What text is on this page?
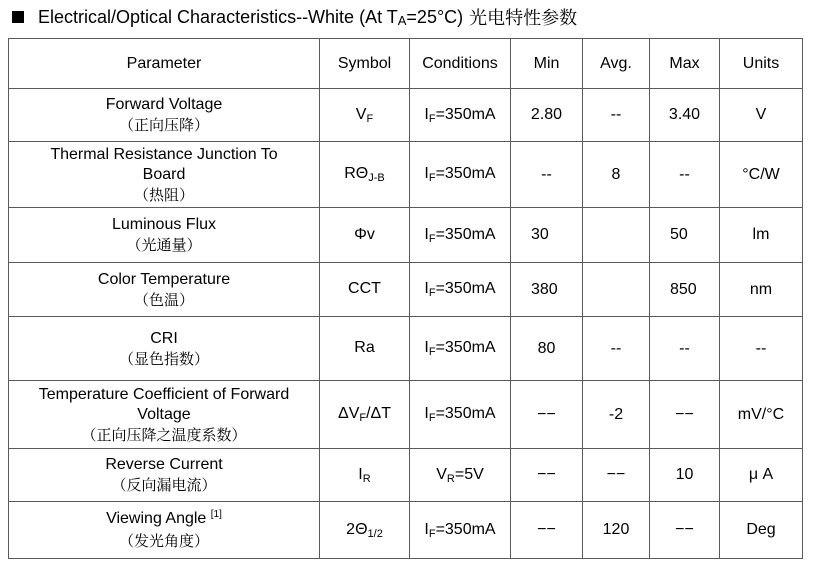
Electrical/Optical Characteristics--White (At TA=25°C) 光电特性参数
Parameter	Symbol	Conditions	Min	Avg.	Max	Units

Forward Voltage
（正向压降）	VF	IF=350mA	2.80	--	3.40	V

Thermal Resistance Junction To
Board
（热阻）	RΘJ-B	IF=350mA	--	8	--	°C/W

Luminous Flux
（光通量）	Φv	IF=350mA	30		50	lm

Color Temperature
（色温）	CCT	IF=350mA	380		850	nm

CRI
（显色指数）	Ra	IF=350mA	80	--	--	--

Temperature Coefficient of Forward
Voltage
（正向压降之温度系数）	ΔVF/ΔT	IF=350mA	−−	-2	−−	mV/°C

Reverse Current
（反向漏电流）	IR	VR=5V	−−	−−	10	μ A

Viewing Angle [1]
（发光角度）	2Θ1/2	IF=350mA	−−	120	−−	Deg
